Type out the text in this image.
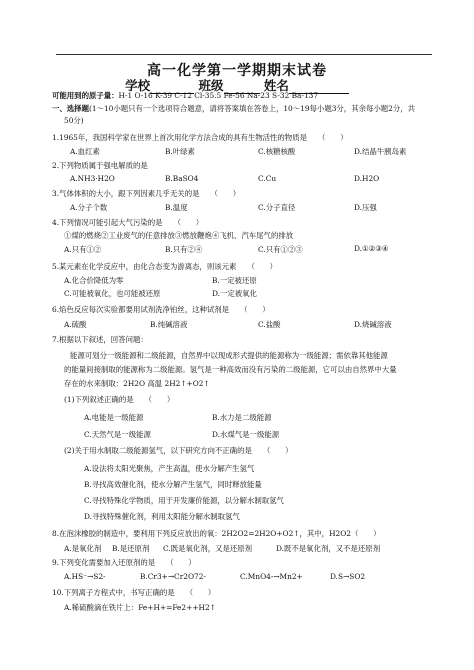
高一化学第一学期期末试卷
学校	班级	姓名
可能用到的原子量：H-1 O-16 K-39 C-12 Cl-35.5 Fe-56 Na-23 S-32 Ba-137
一、选择题(1～10小题只有一个选项符合题意，请将答案填在答卷上，10～19每小题3分，其余每小题2分，共
50分)
1.1965年，我国科学家在世界上首次用化学方法合成的具有生物活性的物质是　　（　　）
A.血红素	B.叶绿素	C.核糖核酸	D.结晶牛胰岛素
2.下列物质属于强电解质的是
A.NH3·H2O	B.BaSO4	C.Cu	D.H2O
3.气体体积的大小，跟下列因素几乎无关的是　　（　　）
A.分子个数	B.温度	C.分子直径	D.压强
4.下列情况可能引起大气污染的是　　（　　）
①煤的燃烧②工业废气的任意排放③燃放鞭炮④飞机、汽车尾气的排放
A.只有①②	B.只有②④	C.只有①②③	D.①②③④
5.某元素在化学反应中，由化合态变为游离态，则该元素　　（　　）
A.化合价降低为零	B.一定被还原
C.可能被氧化，也可能被还原	D.一定被氧化
6.焰色反应每次实验都要用试剂洗净铂丝，这种试剂是　　（　　）
A.硫酸	B.纯碱溶液	C.盐酸	D.烧碱溶液
7.根据以下叙述，回答问题：
能源可划分一级能源和二级能源，自然界中以现成形式提供的能源称为一级能源；需依靠其他能源
的能量间接制取的能源称为二级能源。氢气是一种高效而没有污染的二级能源，它可以由自然界中大量
存在的水来制取：2H2O 高温 2H2↑+O2↑
(1)下列叙述正确的是　　（　　）
A.电能是一级能源	B.水力是二级能源
C.天然气是一级能源	D.水煤气是一级能源
(2)关于用水制取二级能源氢气，以下研究方向不正确的是　　（　　）
A.设法将太阳光聚焦，产生高温，使水分解产生氢气
B.寻找高效催化剂，使水分解产生氢气，同时释放能量
C.寻找特殊化学物质，用于开发廉价能源，以分解水制取氢气
D.寻找特殊催化剂，利用太阳能分解水制取氢气
8.在泡沫橡胶的制造中，要利用下列反应放出的氧：2H2O2=2H2O+O2↑，其中，H2O2（　　）
A.是氧化剂 B.是还原剂 C.既是氧化剂，又是还原剂	D.既不是氧化剂，又不是还原剂
9.下列变化需要加入还原剂的是　　（　　）
A.HS⁻→S2-	B.Cr3+→Cr2O72-	C.MnO4-→Mn2+	D.S→SO2
10.下列离子方程式中，书写正确的是　　（　　）
A.稀硫酸滴在铁片上：Fe+H+=Fe2++H2↑
